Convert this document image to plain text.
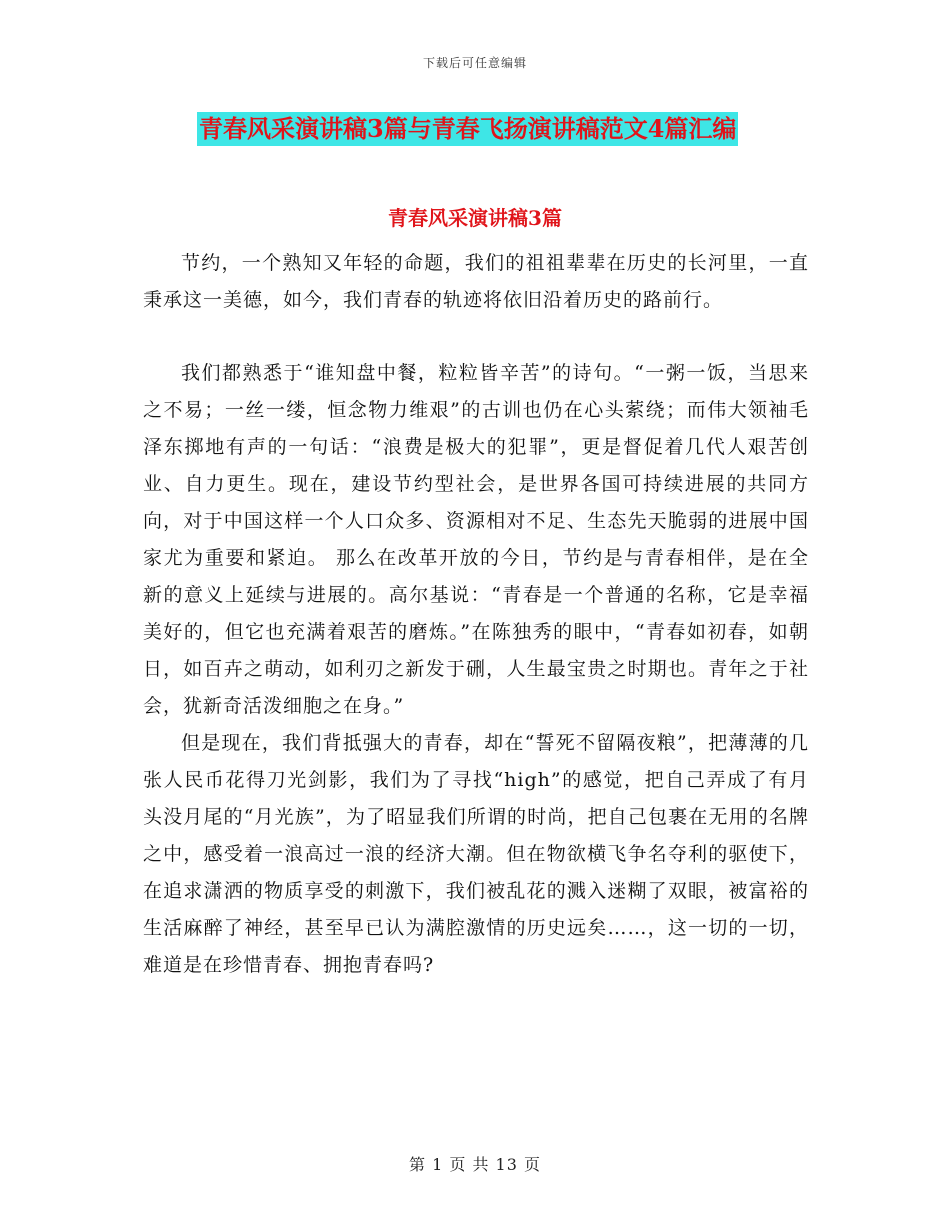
下载后可任意编辑
青春风采演讲稿3篇与青春飞扬演讲稿范文4篇汇编
青春风采演讲稿3篇

节约，一个熟知又年轻的命题，我们的祖祖辈辈在历史的长河里，一直秉承这一美德，如今，我们青春的轨迹将依旧沿着历史的路前行。

我们都熟悉于“谁知盘中餐，粒粒皆辛苦”的诗句。“一粥一饭，当思来之不易；一丝一缕，恒念物力维艰”的古训也仍在心头萦绕；而伟大领袖毛泽东掷地有声的一句话：“浪费是极大的犯罪”，更是督促着几代人艰苦创业、自力更生。现在，建设节约型社会，是世界各国可持续进展的共同方向，对于中国这样一个人口众多、资源相对不足、生态先天脆弱的进展中国家尤为重要和紧迫。 那么在改革开放的今日，节约是与青春相伴，是在全新的意义上延续与进展的。高尔基说：“青春是一个普通的名称，它是幸福美好的，但它也充满着艰苦的磨炼。”在陈独秀的眼中，“青春如初春，如朝日，如百卉之萌动，如利刃之新发于硎，人生最宝贵之时期也。青年之于社会，犹新奇活泼细胞之在身。”

但是现在，我们背抵强大的青春，却在“誓死不留隔夜粮”，把薄薄的几张人民币花得刀光剑影，我们为了寻找“high”的感觉，把自己弄成了有月头没月尾的“月光族”，为了昭显我们所谓的时尚，把自己包裹在无用的名牌之中，感受着一浪高过一浪的经济大潮。但在物欲横飞争名夺利的驱使下，在追求潇洒的物质享受的刺激下，我们被乱花的溅入迷糊了双眼，被富裕的生活麻醉了神经，甚至早已认为满腔激情的历史远矣……，这一切的一切，难道是在珍惜青春、拥抱青春吗?

第 1 页 共 13 页
